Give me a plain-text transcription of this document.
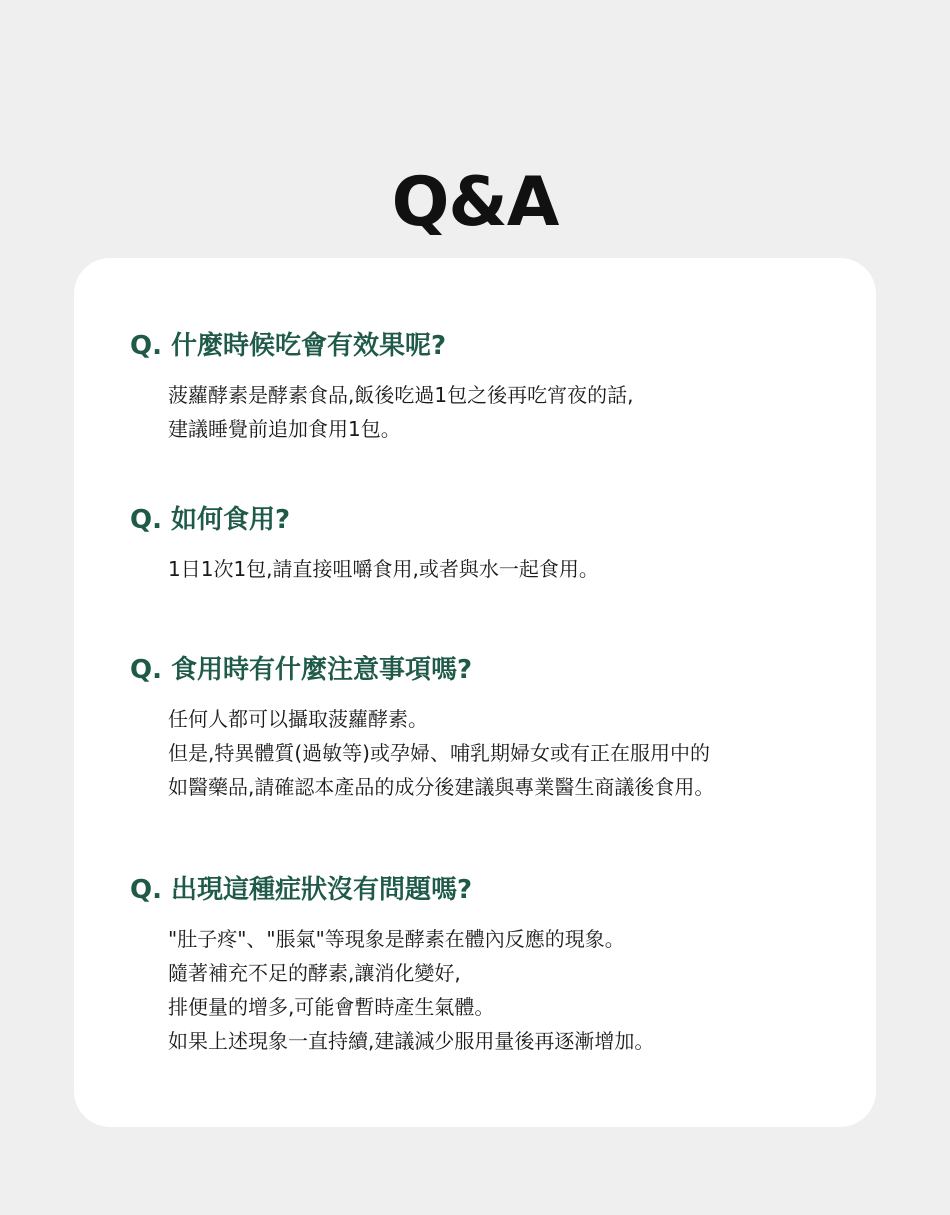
Q&A
Q. 什麼時候吃會有效果呢?
菠蘿酵素是酵素食品,飯後吃過1包之後再吃宵夜的話,
建議睡覺前追加食用1包。
Q. 如何食用?
1日1次1包,請直接咀嚼食用,或者與水一起食用。
Q. 食用時有什麼注意事項嗎?
任何人都可以攝取菠蘿酵素。
但是,特異體質(過敏等)或孕婦、哺乳期婦女或有正在服用中的
如醫藥品,請確認本產品的成分後建議與專業醫生商議後食用。
Q. 出現這種症狀沒有問題嗎?
"肚子疼"、"脹氣"等現象是酵素在體內反應的現象。
隨著補充不足的酵素,讓消化變好,
排便量的增多,可能會暫時產生氣體。
如果上述現象一直持續,建議減少服用量後再逐漸增加。
